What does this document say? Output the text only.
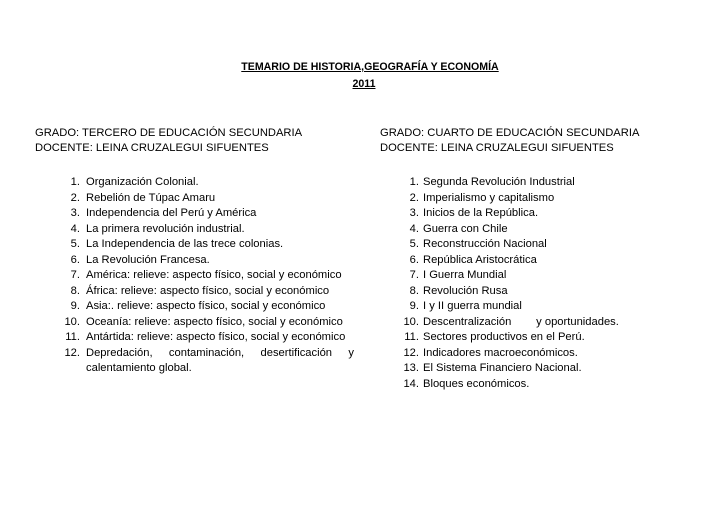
TEMARIO DE HISTORIA,GEOGRAFÍA Y ECONOMÍA
2011
GRADO: TERCERO DE EDUCACIÓN SECUNDARIA
DOCENTE: LEINA CRUZALEGUI SIFUENTES
1. Organización Colonial.
2. Rebelión de Túpac Amaru
3. Independencia del Perú y América
4. La primera revolución industrial.
5. La Independencia de las trece colonias.
6. La Revolución Francesa.
7. América: relieve: aspecto físico, social y económico
8. África: relieve: aspecto físico, social y económico
9. Asia:. relieve: aspecto físico, social y económico
10. Oceanía: relieve: aspecto físico, social y económico
11. Antártida: relieve: aspecto físico, social y económico
12. Depredación, contaminación, desertificación y calentamiento global.
GRADO: CUARTO DE EDUCACIÓN SECUNDARIA
DOCENTE: LEINA CRUZALEGUI SIFUENTES
1. Segunda Revolución Industrial
2. Imperialismo y capitalismo
3. Inicios de la República.
4. Guerra con Chile
5. Reconstrucción Nacional
6. República Aristocrática
7. I Guerra Mundial
8. Revolución Rusa
9. I y II guerra mundial
10. Descentralización        y oportunidades.
11. Sectores productivos en el Perú.
12. Indicadores macroeconómicos.
13. El Sistema Financiero Nacional.
14. Bloques económicos.
